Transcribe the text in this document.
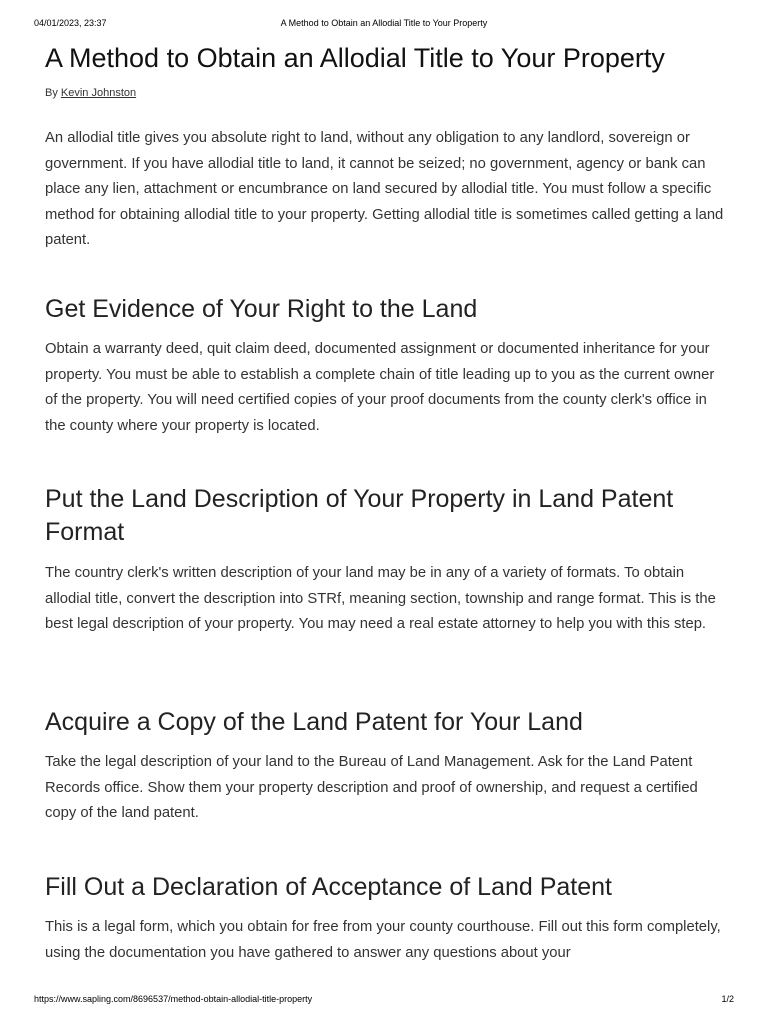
04/01/2023, 23:37	A Method to Obtain an Allodial Title to Your Property
A Method to Obtain an Allodial Title to Your Property
By Kevin Johnston

An allodial title gives you absolute right to land, without any obligation to any landlord, sovereign or government. If you have allodial title to land, it cannot be seized; no government, agency or bank can place any lien, attachment or encumbrance on land secured by allodial title. You must follow a specific method for obtaining allodial title to your property. Getting allodial title is sometimes called getting a land patent.

Get Evidence of Your Right to the Land

Obtain a warranty deed, quit claim deed, documented assignment or documented inheritance for your property. You must be able to establish a complete chain of title leading up to you as the current owner of the property. You will need certified copies of your proof documents from the county clerk's office in the county where your property is located.

Put the Land Description of Your Property in Land Patent Format

The country clerk's written description of your land may be in any of a variety of formats. To obtain allodial title, convert the description into STRf, meaning section, township and range format. This is the best legal description of your property. You may need a real estate attorney to help you with this step.

Acquire a Copy of the Land Patent for Your Land

Take the legal description of your land to the Bureau of Land Management. Ask for the Land Patent Records office. Show them your property description and proof of ownership, and request a certified copy of the land patent.

Fill Out a Declaration of Acceptance of Land Patent

This is a legal form, which you obtain for free from your county courthouse. Fill out this form completely, using the documentation you have gathered to answer any questions about your

https://www.sapling.com/8696537/method-obtain-allodial-title-property	1/2
